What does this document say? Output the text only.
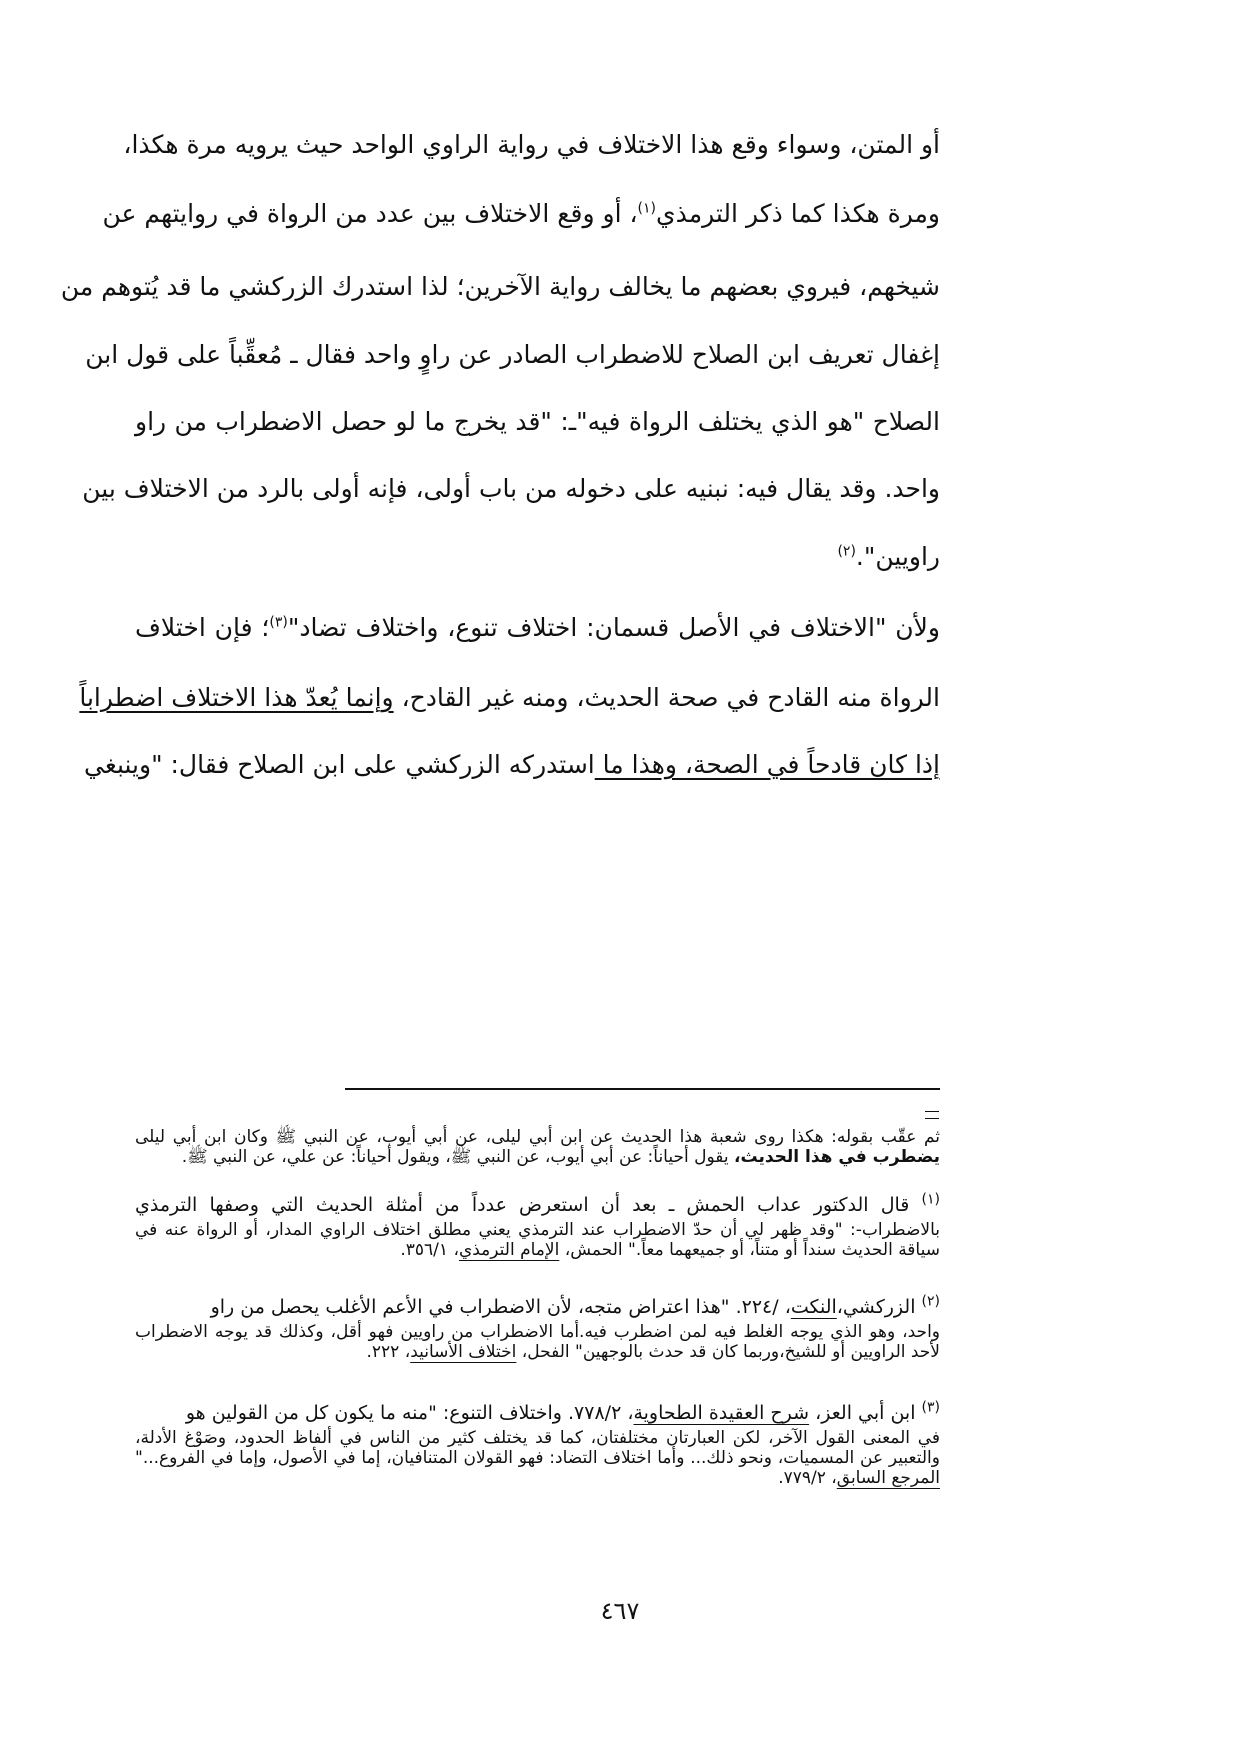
أو المتن، وسواء وقع هذا الاختلاف في رواية الراوي الواحد حيث يرويه مرة هكذا،
ومرة هكذا كما ذكر الترمذي$^{(١)}$، أو وقع الاختلاف بين عدد من الرواة في روايتهم عن
شيخهم، فيروي بعضهم ما يخالف رواية الآخرين؛ لذا استدرك الزركشي ما قد يُتوهم من
إغفال تعريف ابن الصلاح للاضطراب الصادر عن راوٍ واحد فقال ـ مُعقِّباً على قول ابن
الصلاح "هو الذي يختلف الرواة فيه"ـ: "قد يخرج ما لو حصل الاضطراب من راو
واحد. وقد يقال فيه: نبنيه على دخوله من باب أولى، فإنه أولى بالرد من الاختلاف بين
راويين".$^{(٢)}$
ولأن "الاختلاف في الأصل قسمان: اختلاف تنوع، واختلاف تضاد"$^{(٣)}$؛ فإن اختلاف
الرواة منه القادح في صحة الحديث، ومنه غير القادح، وإنما يُعدّ هذا الاختلاف اضطراباً
إذا كان قادحاً في الصحة، وهذا ما استدركه الزركشي على ابن الصلاح فقال: "وينبغي

ثم عقّب بقوله: هكذا روى شعبة هذا الحديث عن ابن أبي ليلى، عن أبي أيوب، عن النبي ﷺ وكان ابن أبي ليلى يضطرب في هذا الحديث، يقول أحياناً: عن أبي أيوب، عن النبي ﷺ، ويقول أحياناً: عن علي، عن النبي ﷺ.

$^{(١)}$ قال الدكتور عداب الحمش ـ بعد أن استعرض عدداً من أمثلة الحديث التي وصفها الترمذي

بالاضطراب-: "وقد ظهر لي أن حدّ الاضطراب عند الترمذي يعني مطلق اختلاف الراوي المدار، أو الرواة عنه في سياقة الحديث سنداً أو متناً، أو جميعهما معاً." الحمش، الإمام الترمذي، ٣٥٦/١.

$^{(٢)}$ الزركشي،النكت، /٢٢٤. "هذا اعتراض متجه، لأن الاضطراب في الأعم الأغلب يحصل من راو

واحد، وهو الذي يوجه الغلط فيه لمن اضطرب فيه.أما الاضطراب من راويين فهو أقل، وكذلك قد يوجه الاضطراب لأحد الراويين أو للشيخ،وربما كان قد حدث بالوجهين" الفحل، اختلاف الأسانيد، ٢٢٢.

$^{(٣)}$ ابن أبي العز، شرح العقيدة الطحاوية، ٧٧٨/٢. واختلاف التنوع: "منه ما يكون كل من القولين هو

في المعنى القول الآخر، لكن العبارتان مختلفتان، كما قد يختلف كثير من الناس في ألفاظ الحدود، وصَوْغ الأدلة، والتعبير عن المسميات، ونحو ذلك... وأما اختلاف التضاد: فهو القولان المتنافيان، إما في الأصول، وإما في الفروع..." المرجع السابق، ٧٧٩/٢.

٤٦٧
